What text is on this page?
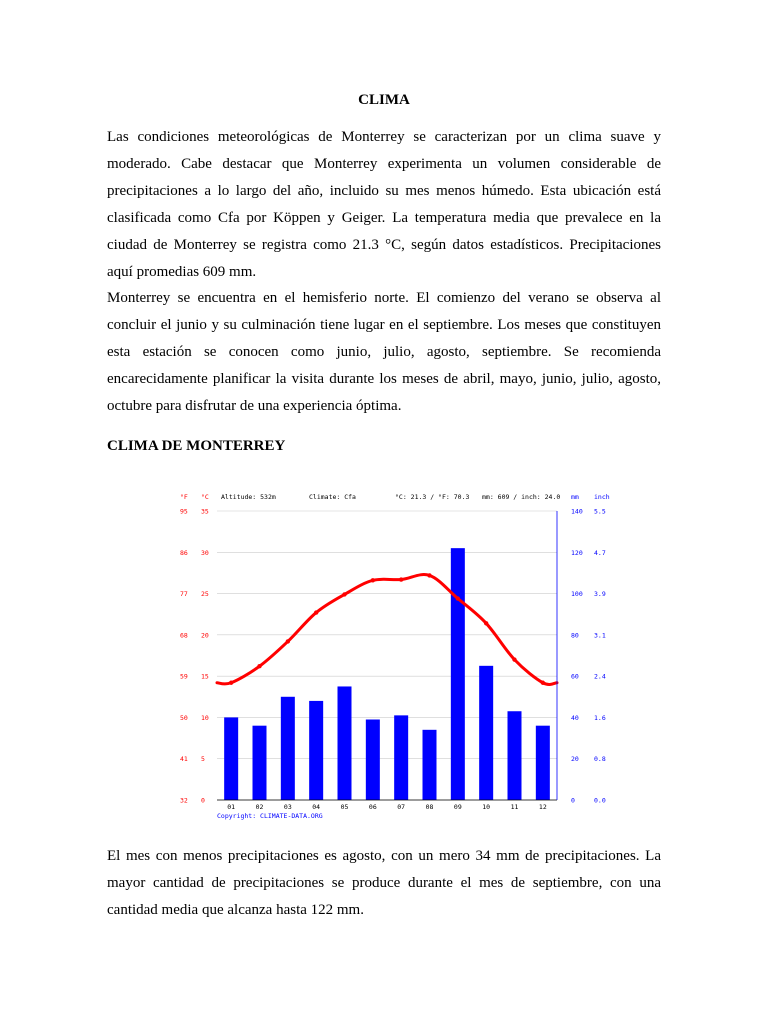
CLIMA

Las condiciones meteorológicas de Monterrey se caracterizan por un clima suave y moderado. Cabe destacar que Monterrey experimenta un volumen considerable de precipitaciones a lo largo del año, incluido su mes menos húmedo. Esta ubicación está clasificada como Cfa por Köppen y Geiger. La temperatura media que prevalece en la ciudad de Monterrey se registra como 21.3 °C, según datos estadísticos. Precipitaciones aquí promedias 609 mm.

Monterrey se encuentra en el hemisferio norte. El comienzo del verano se observa al concluir el junio y su culminación tiene lugar en el septiembre. Los meses que constituyen esta estación se conocen como junio, julio, agosto, septiembre. Se recomienda encarecidamente planificar la visita durante los meses de abril, mayo, junio, julio, agosto, octubre para disfrutar de una experiencia óptima.

CLIMA DE MONTERREY
°F °C Altitude: 532m	Climate: Cfa	°C: 21.3 / °F: 70.3 mm: 609 / inch: 24.0 mm inch
32 0
41 5
50 10
59 15
68 20
77 25
86 30
95 35
0	0.0
20 0.8
40 1.6
60 2.4
80 3.1
100 3.9
120 4.7
140 5.5
01	02	03	04	05	06	07	08	09	10	11	12
Copyright: CLIMATE-DATA.ORG

El mes con menos precipitaciones es agosto, con un mero 34 mm de precipitaciones. La mayor cantidad de precipitaciones se produce durante el mes de septiembre, con una cantidad media que alcanza hasta 122 mm.
